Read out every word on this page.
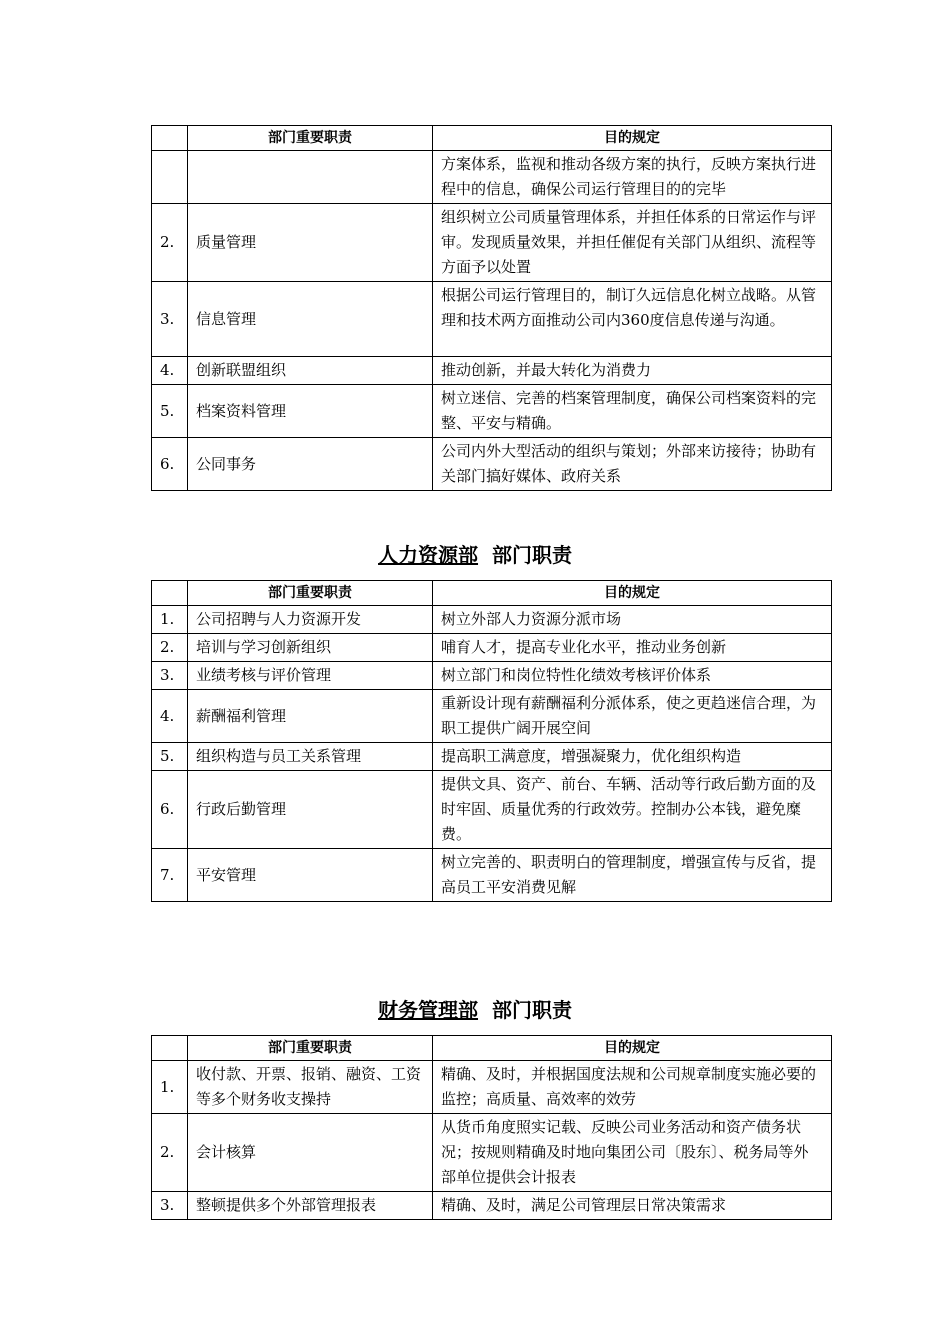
	部门重要职责	目的规定
		方案体系，监视和推动各级方案的执行，反映方案执行进程中的信息，确保公司运行管理目的的完毕
2.	质量管理	组织树立公司质量管理体系，并担任体系的日常运作与评审。发现质量效果，并担任催促有关部门从组织、流程等方面予以处置
3.	信息管理	根据公司运行管理目的，制订久远信息化树立战略。从管理和技术两方面推动公司内360度信息传递与沟通。
4.	创新联盟组织	推动创新，并最大转化为消费力
5.	档案资料管理	树立迷信、完善的档案管理制度，确保公司档案资料的完整、平安与精确。
6.	公同事务	公司内外大型活动的组织与策划；外部来访接待；协助有关部门搞好媒体、政府关系
人力资源部 部门职责
	部门重要职责	目的规定
1.	公司招聘与人力资源开发	树立外部人力资源分派市场
2.	培训与学习创新组织	哺育人才，提高专业化水平，推动业务创新
3.	业绩考核与评价管理	树立部门和岗位特性化绩效考核评价体系
4.	薪酬福利管理	重新设计现有薪酬福利分派体系，使之更趋迷信合理，为职工提供广阔开展空间
5.	组织构造与员工关系管理	提高职工满意度，增强凝聚力，优化组织构造
6.	行政后勤管理	提供文具、资产、前台、车辆、活动等行政后勤方面的及时牢固、质量优秀的行政效劳。控制办公本钱，避免糜费。
7.	平安管理	树立完善的、职责明白的管理制度，增强宣传与反省，提高员工平安消费见解
财务管理部 部门职责
	部门重要职责	目的规定
1.	收付款、开票、报销、融资、工资等多个财务收支操持	精确、及时，并根据国度法规和公司规章制度实施必要的监控；高质量、高效率的效劳
2.	会计核算	从货币角度照实记载、反映公司业务活动和资产债务状况；按规则精确及时地向集团公司〔股东〕、税务局等外部单位提供会计报表
3.	整顿提供多个外部管理报表	精确、及时，满足公司管理层日常决策需求
